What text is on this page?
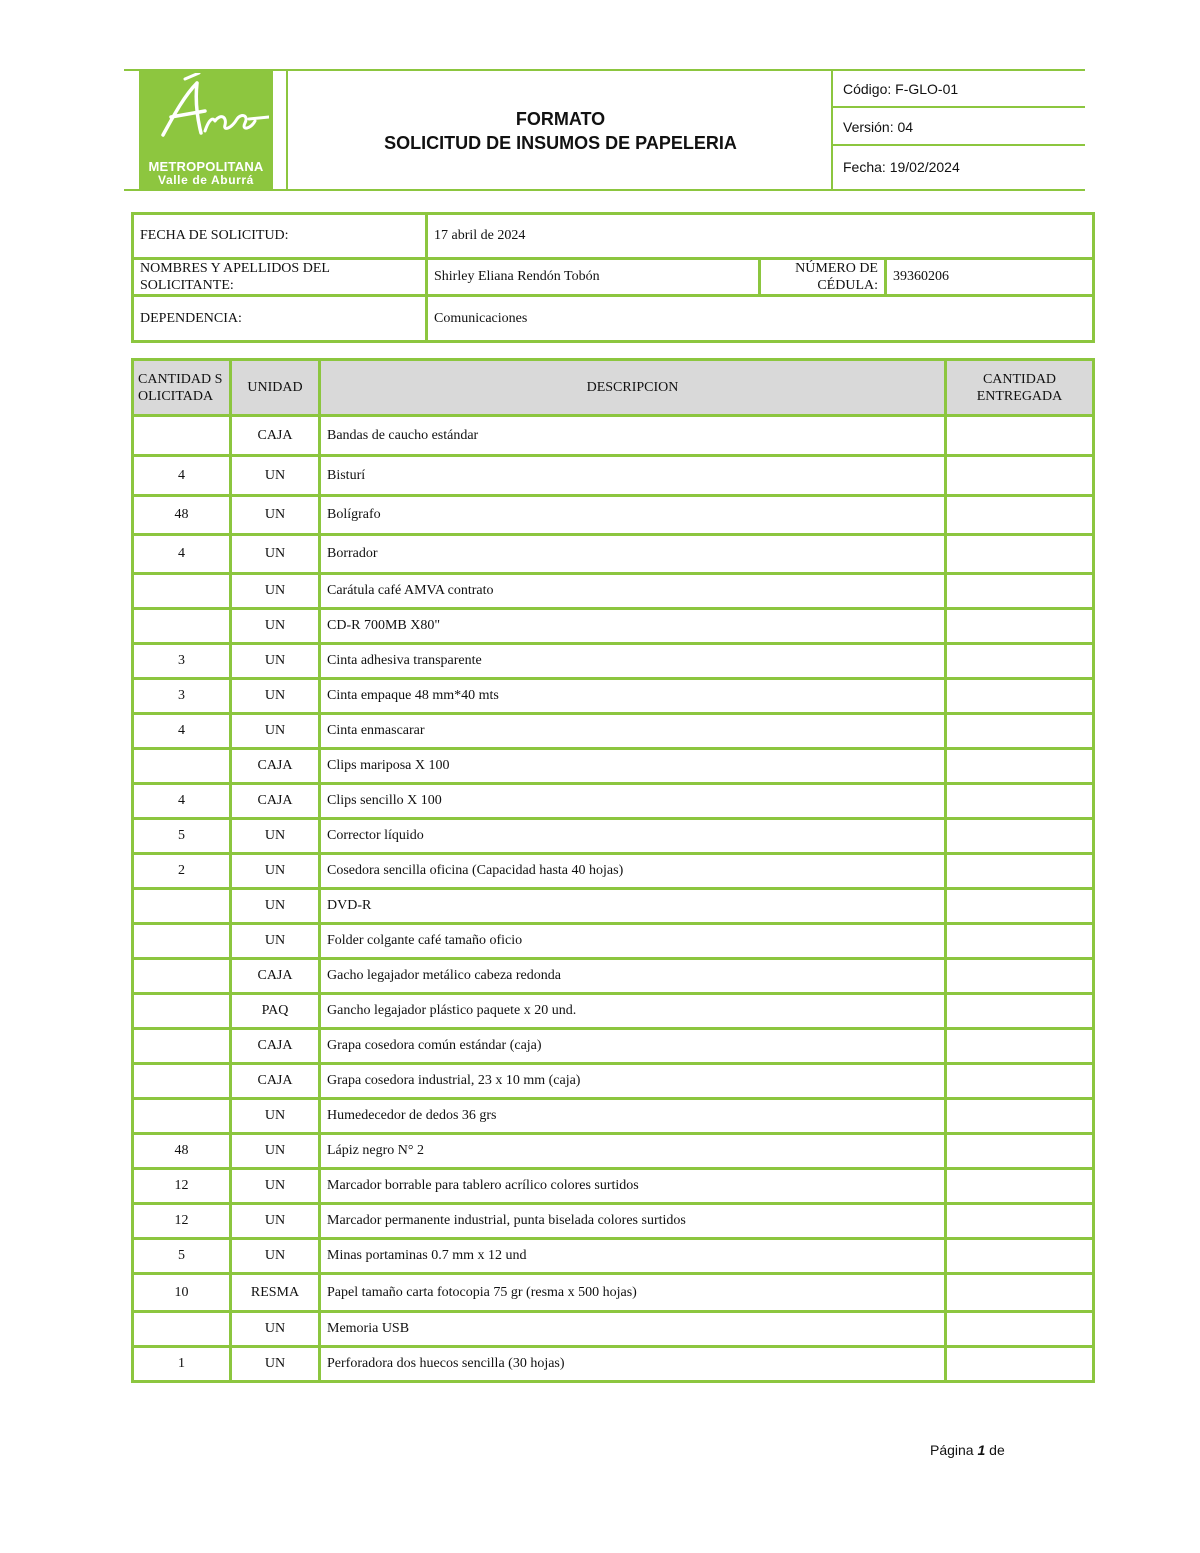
METROPOLITANA
Valle de Aburrá
FORMATO
SOLICITUD DE INSUMOS DE PAPELERIA
Código: F-GLO-01
Versión: 04
Fecha: 19/02/2024
FECHA DE SOLICITUD:	17 abril de 2024		
NOMBRES Y APELLIDOS DEL SOLICITANTE:	Shirley Eliana Rendón Tobón	NÚMERO DE CÉDULA:	39360206
DEPENDENCIA:	Comunicaciones		
CANTIDAD SOLICITADA	UNIDAD	DESCRIPCION	CANTIDAD ENTREGADA
	CAJA	Bandas de caucho estándar	
4	UN	Bisturí	
48	UN	Bolígrafo	
4	UN	Borrador	
	UN	Carátula café AMVA contrato	
	UN	CD-R 700MB X80"	
3	UN	Cinta adhesiva transparente	
3	UN	Cinta empaque 48 mm*40 mts	
4	UN	Cinta enmascarar	
	CAJA	Clips mariposa X 100	
4	CAJA	Clips sencillo X 100	
5	UN	Corrector líquido	
2	UN	Cosedora sencilla oficina (Capacidad hasta 40 hojas)	
	UN	DVD-R	
	UN	Folder colgante café tamaño oficio	
	CAJA	Gacho legajador metálico cabeza redonda	
	PAQ	Gancho legajador plástico paquete x 20 und.	
	CAJA	Grapa cosedora común estándar (caja)	
	CAJA	Grapa cosedora industrial, 23 x 10 mm (caja)	
	UN	Humedecedor de dedos 36 grs	
48	UN	Lápiz negro N° 2	
12	UN	Marcador borrable para tablero acrílico colores surtidos	
12	UN	Marcador permanente industrial, punta biselada colores surtidos	
5	UN	Minas portaminas 0.7 mm x 12 und	
10	RESMA	Papel tamaño carta fotocopia 75 gr (resma x 500 hojas)	
	UN	Memoria USB	
1	UN	Perforadora dos huecos sencilla (30 hojas)	
Página 1 de
